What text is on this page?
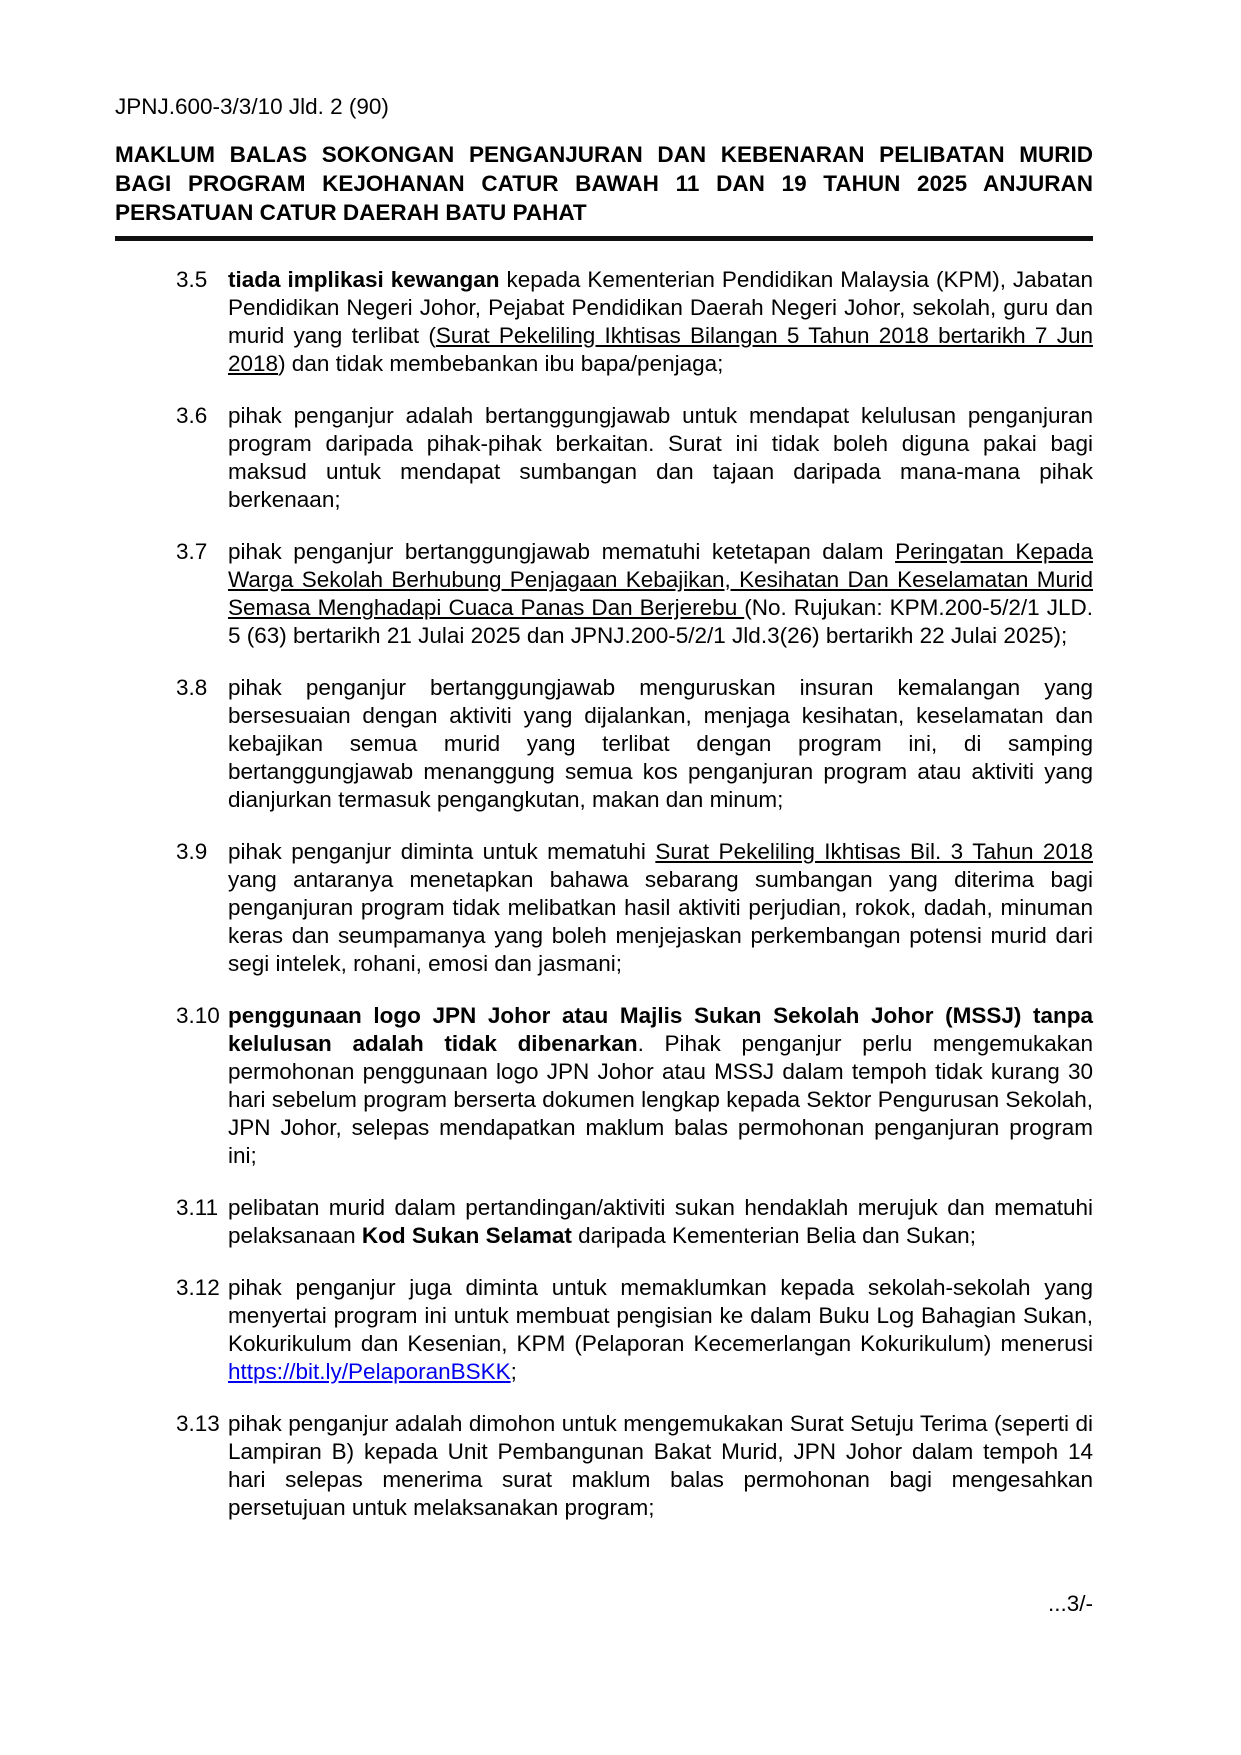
JPNJ.600-3/3/10 Jld. 2 (90)

MAKLUM BALAS SOKONGAN PENGANJURAN DAN KEBENARAN PELIBATAN MURID BAGI PROGRAM KEJOHANAN CATUR BAWAH 11 DAN 19 TAHUN 2025 ANJURAN PERSATUAN CATUR DAERAH BATU PAHAT

3.5 tiada implikasi kewangan kepada Kementerian Pendidikan Malaysia (KPM), Jabatan Pendidikan Negeri Johor, Pejabat Pendidikan Daerah Negeri Johor, sekolah, guru dan murid yang terlibat (Surat Pekeliling Ikhtisas Bilangan 5 Tahun 2018 bertarikh 7 Jun 2018) dan tidak membebankan ibu bapa/penjaga;
3.6 pihak penganjur adalah bertanggungjawab untuk mendapat kelulusan penganjuran program daripada pihak-pihak berkaitan. Surat ini tidak boleh diguna pakai bagi maksud untuk mendapat sumbangan dan tajaan daripada mana-mana pihak berkenaan;
3.7 pihak penganjur bertanggungjawab mematuhi ketetapan dalam Peringatan Kepada Warga Sekolah Berhubung Penjagaan Kebajikan, Kesihatan Dan Keselamatan Murid Semasa Menghadapi Cuaca Panas Dan Berjerebu (No. Rujukan: KPM.200-5/2/1 JLD. 5 (63) bertarikh 21 Julai 2025 dan JPNJ.200-5/2/1 Jld.3(26) bertarikh 22 Julai 2025);
3.8 pihak penganjur bertanggungjawab menguruskan insuran kemalangan yang bersesuaian dengan aktiviti yang dijalankan, menjaga kesihatan, keselamatan dan kebajikan semua murid yang terlibat dengan program ini, di samping bertanggungjawab menanggung semua kos penganjuran program atau aktiviti yang dianjurkan termasuk pengangkutan, makan dan minum;
3.9 pihak penganjur diminta untuk mematuhi Surat Pekeliling Ikhtisas Bil. 3 Tahun 2018 yang antaranya menetapkan bahawa sebarang sumbangan yang diterima bagi penganjuran program tidak melibatkan hasil aktiviti perjudian, rokok, dadah, minuman keras dan seumpamanya yang boleh menjejaskan perkembangan potensi murid dari segi intelek, rohani, emosi dan jasmani;
3.10 penggunaan logo JPN Johor atau Majlis Sukan Sekolah Johor (MSSJ) tanpa kelulusan adalah tidak dibenarkan. Pihak penganjur perlu mengemukakan permohonan penggunaan logo JPN Johor atau MSSJ dalam tempoh tidak kurang 30 hari sebelum program berserta dokumen lengkap kepada Sektor Pengurusan Sekolah, JPN Johor, selepas mendapatkan maklum balas permohonan penganjuran program ini;
3.11 pelibatan murid dalam pertandingan/aktiviti sukan hendaklah merujuk dan mematuhi pelaksanaan Kod Sukan Selamat daripada Kementerian Belia dan Sukan;
3.12 pihak penganjur juga diminta untuk memaklumkan kepada sekolah-sekolah yang menyertai program ini untuk membuat pengisian ke dalam Buku Log Bahagian Sukan, Kokurikulum dan Kesenian, KPM (Pelaporan Kecemerlangan Kokurikulum) menerusi https://bit.ly/PelaporanBSKK;
3.13 pihak penganjur adalah dimohon untuk mengemukakan Surat Setuju Terima (seperti di Lampiran B) kepada Unit Pembangunan Bakat Murid, JPN Johor dalam tempoh 14 hari selepas menerima surat maklum balas permohonan bagi mengesahkan persetujuan untuk melaksanakan program;
...3/-
